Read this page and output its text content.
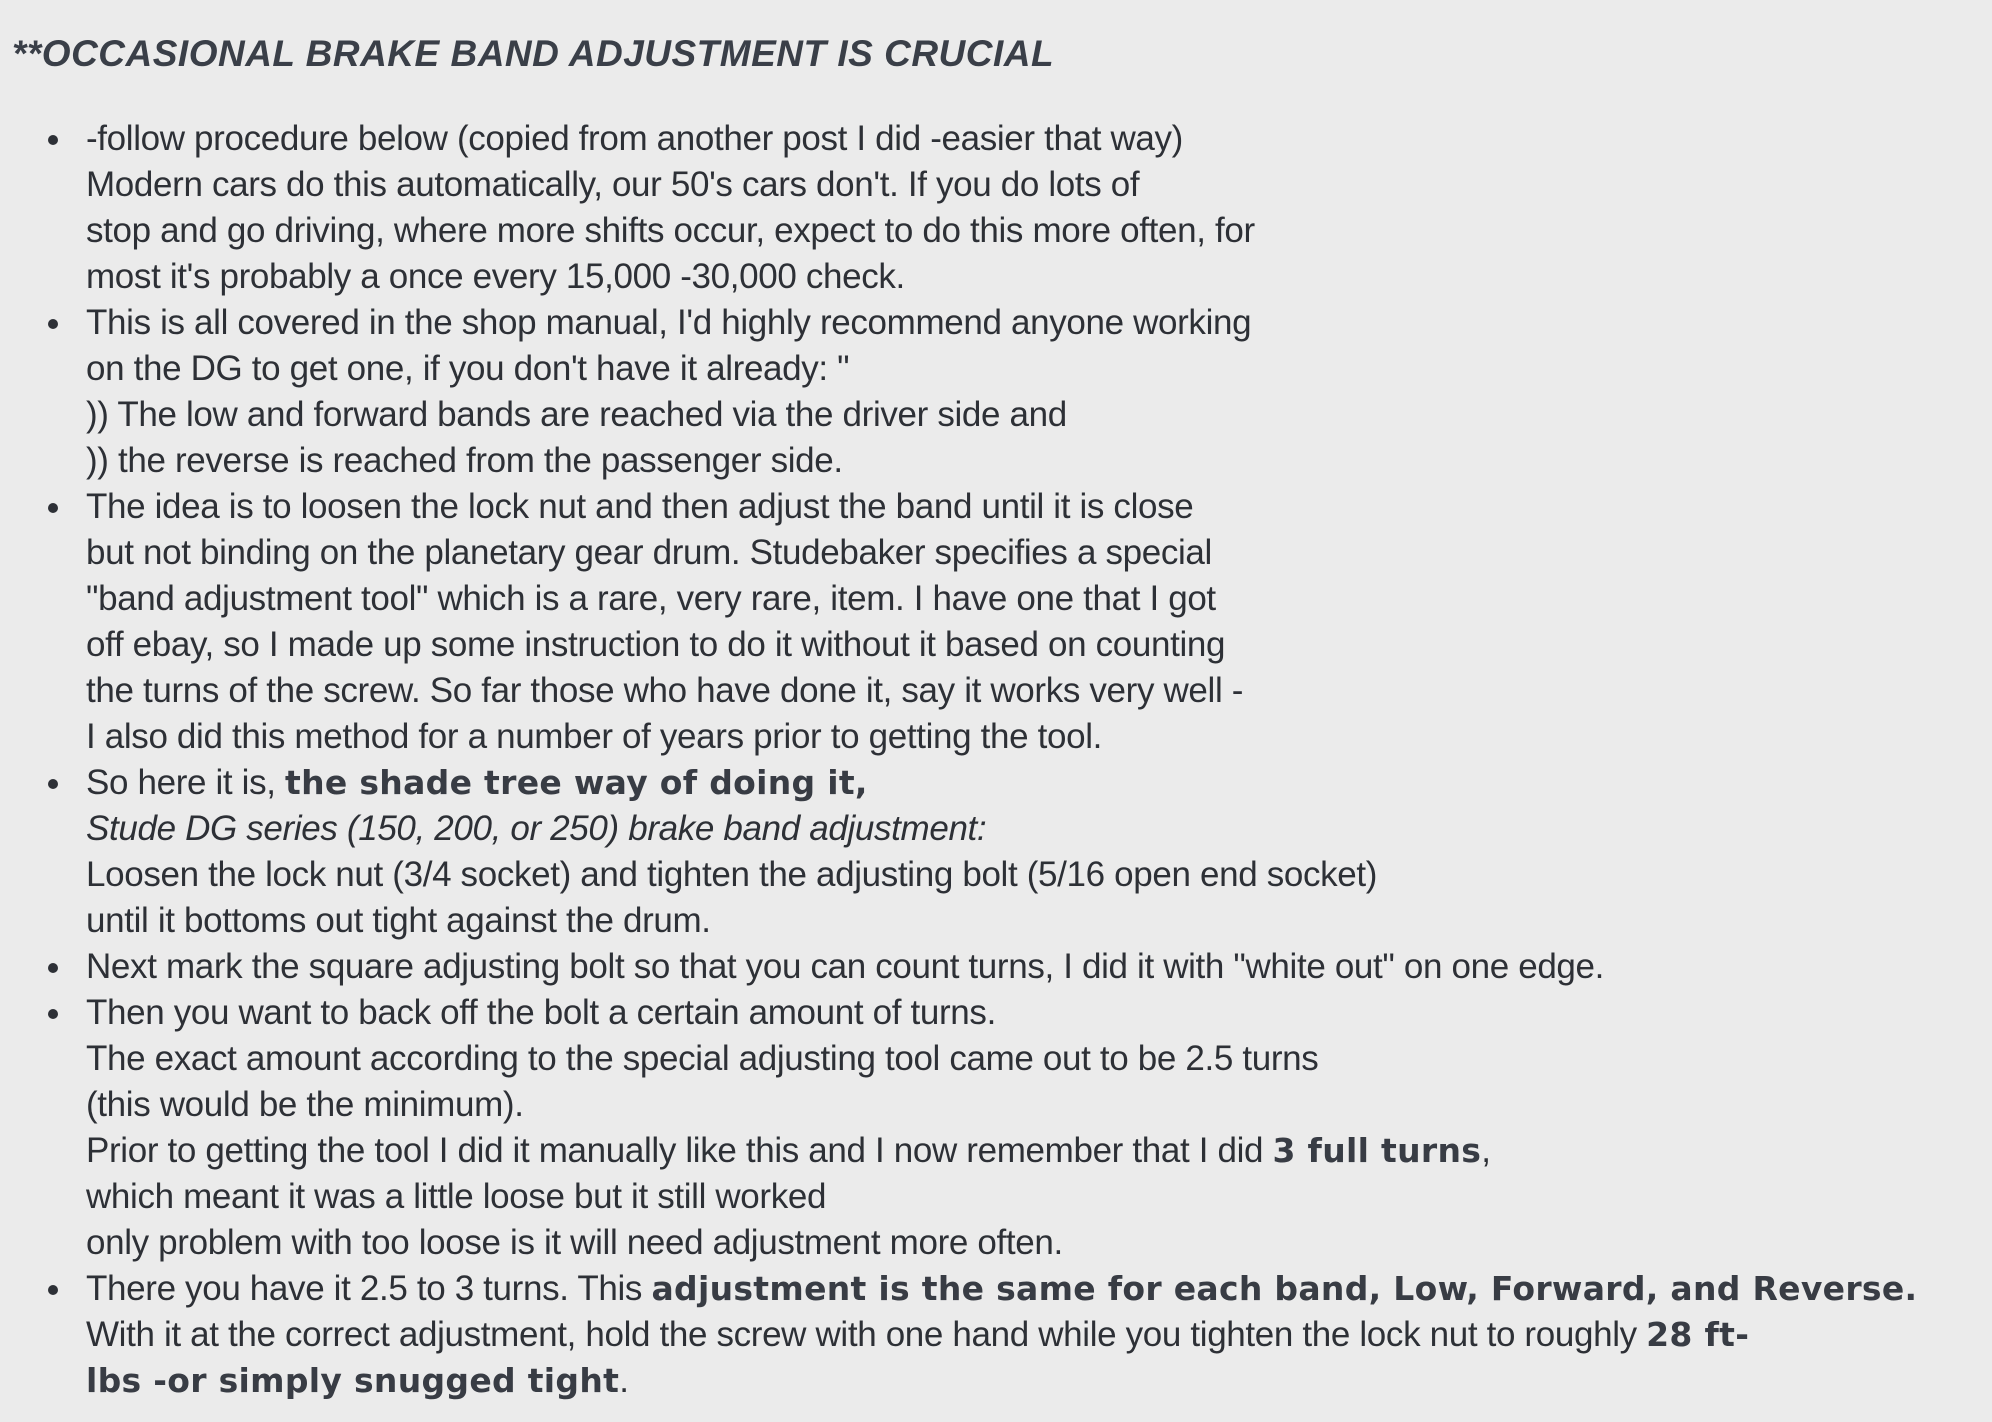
**OCCASIONAL BRAKE BAND ADJUSTMENT IS CRUCIAL
-follow procedure below (copied from another post I did -easier that way)
Modern cars do this automatically, our 50's cars don't. If you do lots of
stop and go driving, where more shifts occur, expect to do this more often, for
most it's probably a once every 15,000 -30,000 check.
This is all covered in the shop manual, I'd highly recommend anyone working
on the DG to get one, if you don't have it already: "
)) The low and forward bands are reached via the driver side and
)) the reverse is reached from the passenger side.
The idea is to loosen the lock nut and then adjust the band until it is close
but not binding on the planetary gear drum. Studebaker specifies a special
"band adjustment tool" which is a rare, very rare, item. I have one that I got
off ebay, so I made up some instruction to do it without it based on counting
the turns of the screw. So far those who have done it, say it works very well -
I also did this method for a number of years prior to getting the tool.
So here it is, the shade tree way of doing it,
Stude DG series (150, 200, or 250) brake band adjustment:
Loosen the lock nut (3/4 socket) and tighten the adjusting bolt (5/16 open end socket)
until it bottoms out tight against the drum.
Next mark the square adjusting bolt so that you can count turns, I did it with "white out" on one edge.
Then you want to back off the bolt a certain amount of turns.
The exact amount according to the special adjusting tool came out to be 2.5 turns
(this would be the minimum).
Prior to getting the tool I did it manually like this and I now remember that I did 3 full turns,
which meant it was a little loose but it still worked
only problem with too loose is it will need adjustment more often.
There you have it 2.5 to 3 turns. This adjustment is the same for each band, Low, Forward, and Reverse.
With it at the correct adjustment, hold the screw with one hand while you tighten the lock nut to roughly 28 ft-
lbs -or simply snugged tight.
